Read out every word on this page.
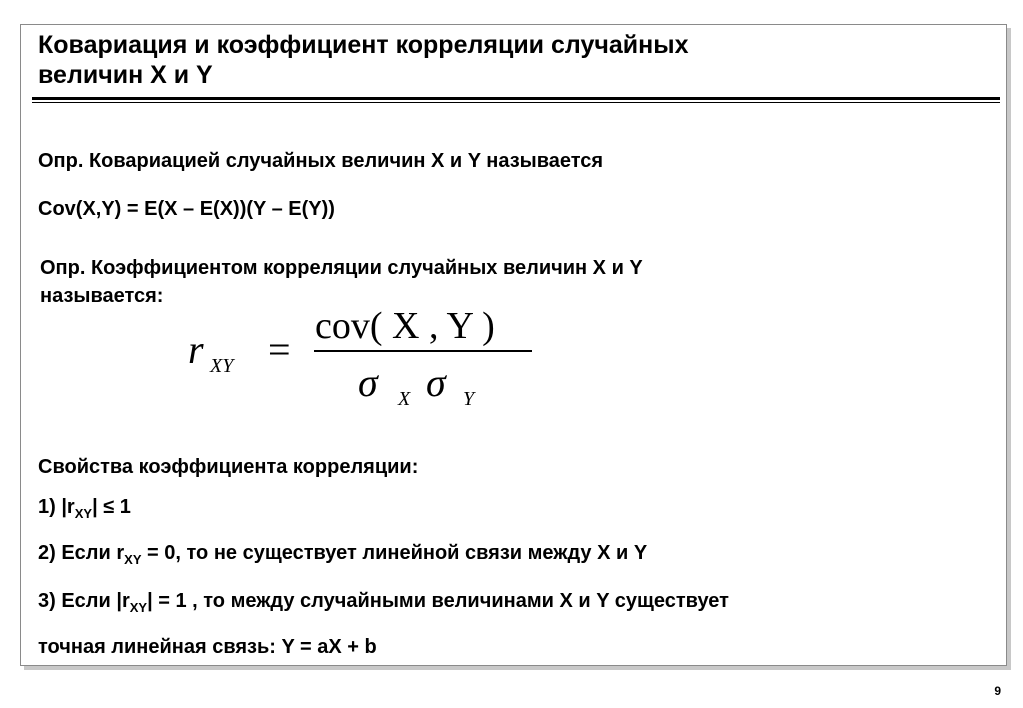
Ковариация и коэффициент корреляции случайных
величин X и Y
Опр. Ковариацией случайных величин X и Y называется
Cov(X,Y) = E(X – E(X))(Y – E(Y))
Опр. Коэффициентом корреляции случайных величин X и Y
называется:
r XY =
cov( X , Y )
σ X σ Y
Свойства коэффициента корреляции:
1) $|r_{XY}| \le 1$
2) Если $r_{XY} = 0$, то не существует линейной связи между X и Y
3) Если $|r_{XY}| = 1$ , то между случайными величинами X и Y существует
точная линейная связь: Y = aX + b
9
